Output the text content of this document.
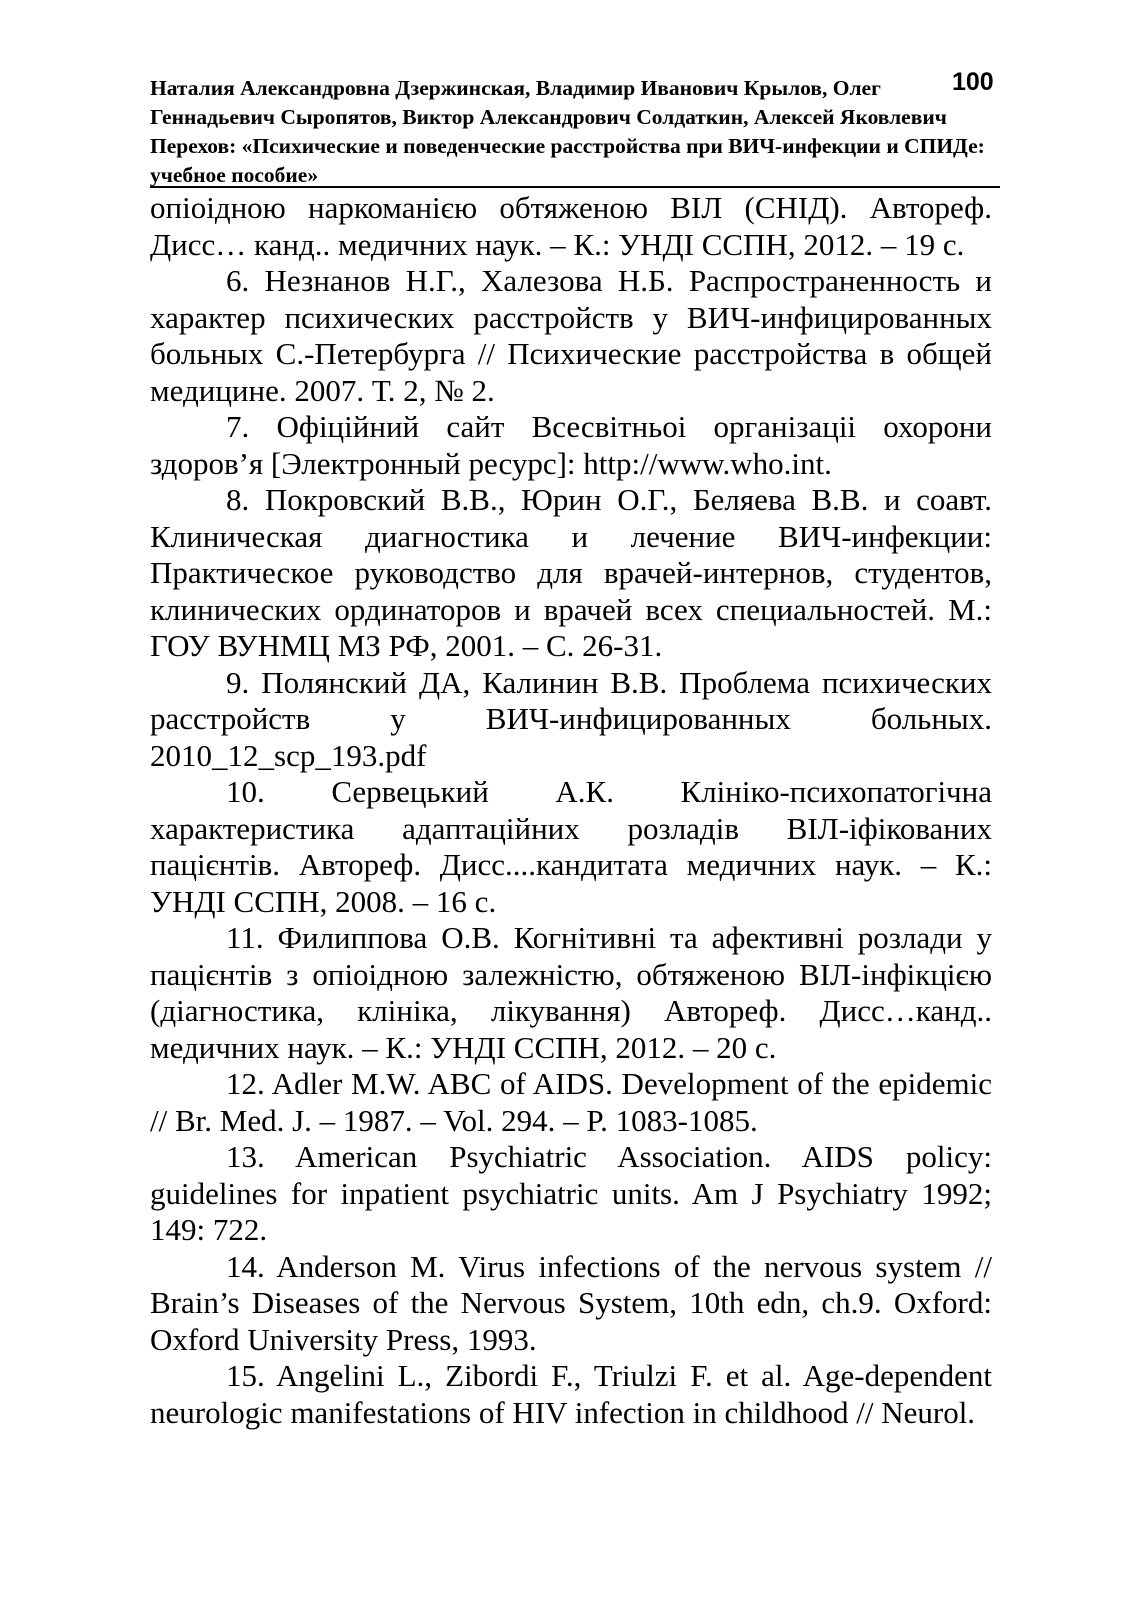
Наталия Александровна Дзержинская, Владимир Иванович Крылов, Олег Геннадьевич Сыропятов, Виктор Александрович Солдаткин, Алексей Яковлевич Перехов: «Психические и поведенческие расстройства при ВИЧ-инфекции и СПИДе: учебное пособие»
100

опіоідною наркоманією обтяженою ВІЛ (СНІД). Автореф. Дисс… канд.. медичних наук. – К.: УНДІ ССПН, 2012. – 19 с.

6. Незнанов Н.Г., Халезова Н.Б. Распространенность и характер психических расстройств у ВИЧ-инфицированных больных С.-Петербурга // Психические расстройства в общей медицине. 2007. Т. 2, № 2.

7. Офіційний сайт Всесвітньоі організаціі охорони здоров’я [Электронный ресурс]: http://www.who.int.

8. Покровский В.В., Юрин О.Г., Беляева В.В. и соавт. Клиническая диагностика и лечение ВИЧ-инфекции: Практическое руководство для врачей-интернов, студентов, клинических ординаторов и врачей всех специальностей. М.: ГОУ ВУНМЦ МЗ РФ, 2001. – С. 26-31.

9. Полянский ДА, Калинин В.В. Проблема психических расстройств у ВИЧ-инфицированных больных. 2010_12_scp_193.pdf

10. Сервецький А.К. Клініко-психопатогічна характеристика адаптаційних розладів ВІЛ-іфікованих пацієнтів. Автореф. Дисс....кандитата медичних наук. – К.: УНДІ ССПН, 2008. – 16 с.

11. Филиппова О.В. Когнітивні та афективні розлади у пацієнтів з опіоідною залежністю, обтяженою ВІЛ-інфікцією (діагностика, клініка, лікування) Автореф. Дисс…канд.. медичних наук. – К.: УНДІ ССПН, 2012. – 20 с.

12. Adler M.W. ABC of AIDS. Development of the epidemic // Br. Med. J. – 1987. – Vol. 294. – P. 1083-1085.

13. American Psychiatric Association. AIDS policy: guidelines for inpatient psychiatric units. Am J Psychiatry 1992; 149: 722.

14. Anderson M. Virus infections of the nervous system // Brain’s Diseases of the Nervous System, 10th edn, ch.9. Oxford: Oxford University Press, 1993.

15. Angelini L., Zibordi F., Triulzi F. et al. Age-dependent neurologic manifestations of HIV infection in childhood // Neurol.
